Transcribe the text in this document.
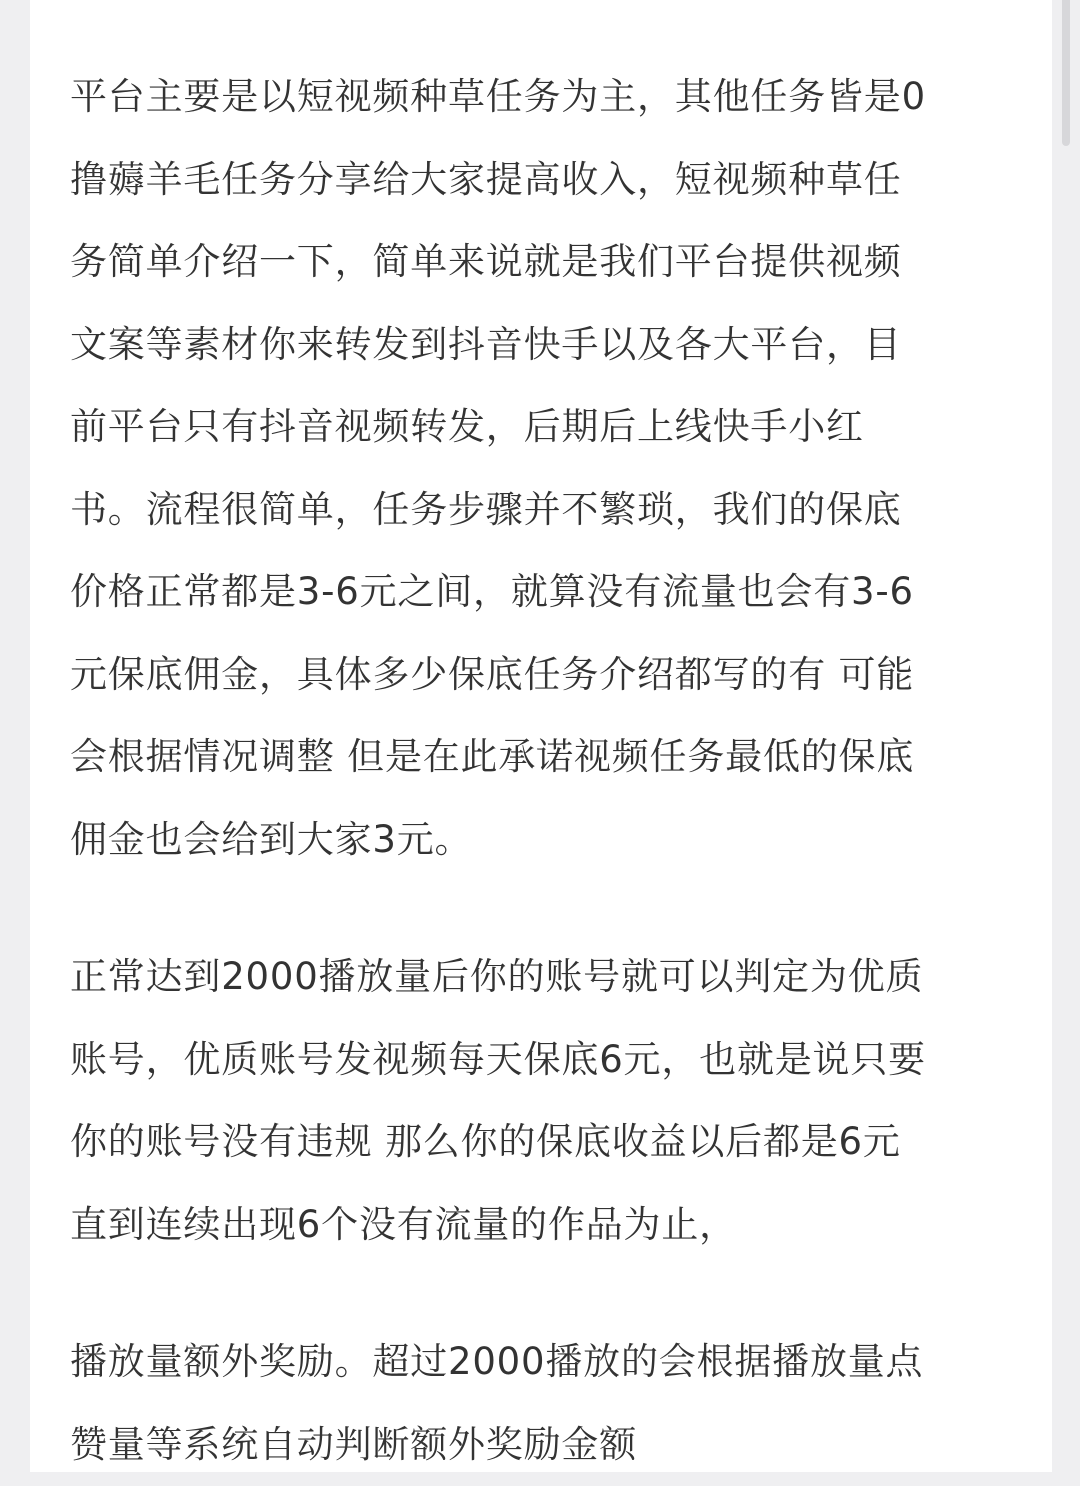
平台主要是以短视频种草任务为主，其他任务皆是0
撸薅羊毛任务分享给大家提高收入，短视频种草任
务简单介绍一下，简单来说就是我们平台提供视频
文案等素材你来转发到抖音快手以及各大平台，目
前平台只有抖音视频转发，后期后上线快手小红
书。流程很简单，任务步骤并不繁琐，我们的保底
价格正常都是3-6元之间，就算没有流量也会有3-6
元保底佣金，具体多少保底任务介绍都写的有 可能
会根据情况调整 但是在此承诺视频任务最低的保底
佣金也会给到大家3元。

正常达到2000播放量后你的账号就可以判定为优质
账号，优质账号发视频每天保底6元，也就是说只要
你的账号没有违规 那么你的保底收益以后都是6元
直到连续出现6个没有流量的作品为止，

播放量额外奖励。超过2000播放的会根据播放量点
赞量等系统自动判断额外奖励金额
